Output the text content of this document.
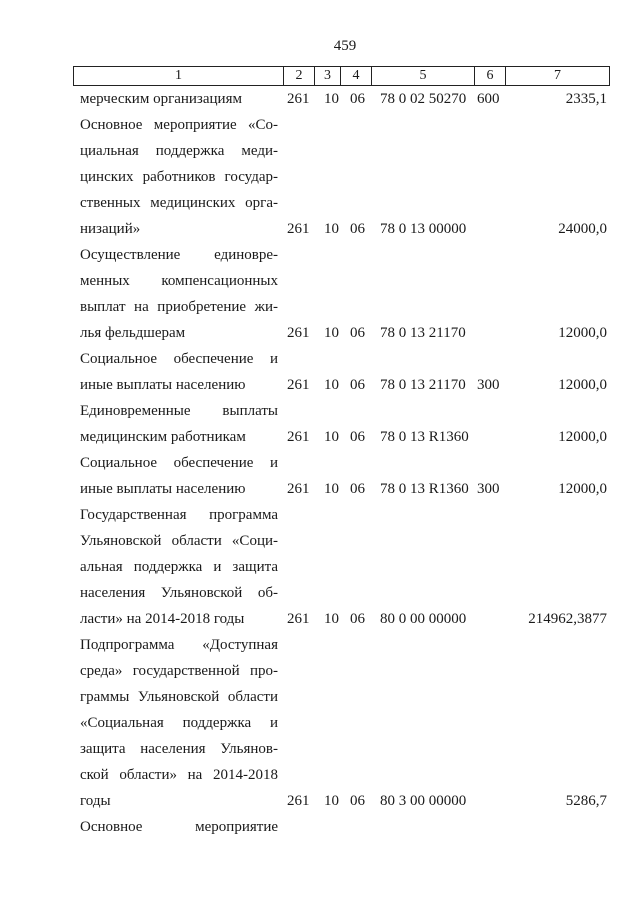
459
1	2	3	4	5	6	7
мерческим организациям	261 10 06	78 0 02 50270 600	2335,1
Основное мероприятие «Со-
циальная поддержка меди-
цинских работников государ-
ственных медицинских орга-
низаций»	261 10 06	78 0 13 00000	24000,0
Осуществление единовре-
менных компенсационных
выплат на приобретение жи-
лья фельдшерам	261 10 06	78 0 13 21170	12000,0
Социальное обеспечение и
иные выплаты населению	261 10 06	78 0 13 21170 300	12000,0
Единовременные выплаты
медицинским работникам	261 10 06	78 0 13 R1360	12000,0
Социальное обеспечение и
иные выплаты населению	261 10 06	78 0 13 R1360 300	12000,0
Государственная программа
Ульяновской области «Соци-
альная поддержка и защита
населения Ульяновской об-
ласти» на 2014-2018 годы	261 10 06	80 0 00 00000	214962,3877
Подпрограмма «Доступная
среда» государственной про-
граммы Ульяновской области
«Социальная поддержка и
защита населения Ульянов-
ской области» на 2014-2018
годы	261 10 06	80 3 00 00000	5286,7
Основное мероприятие
